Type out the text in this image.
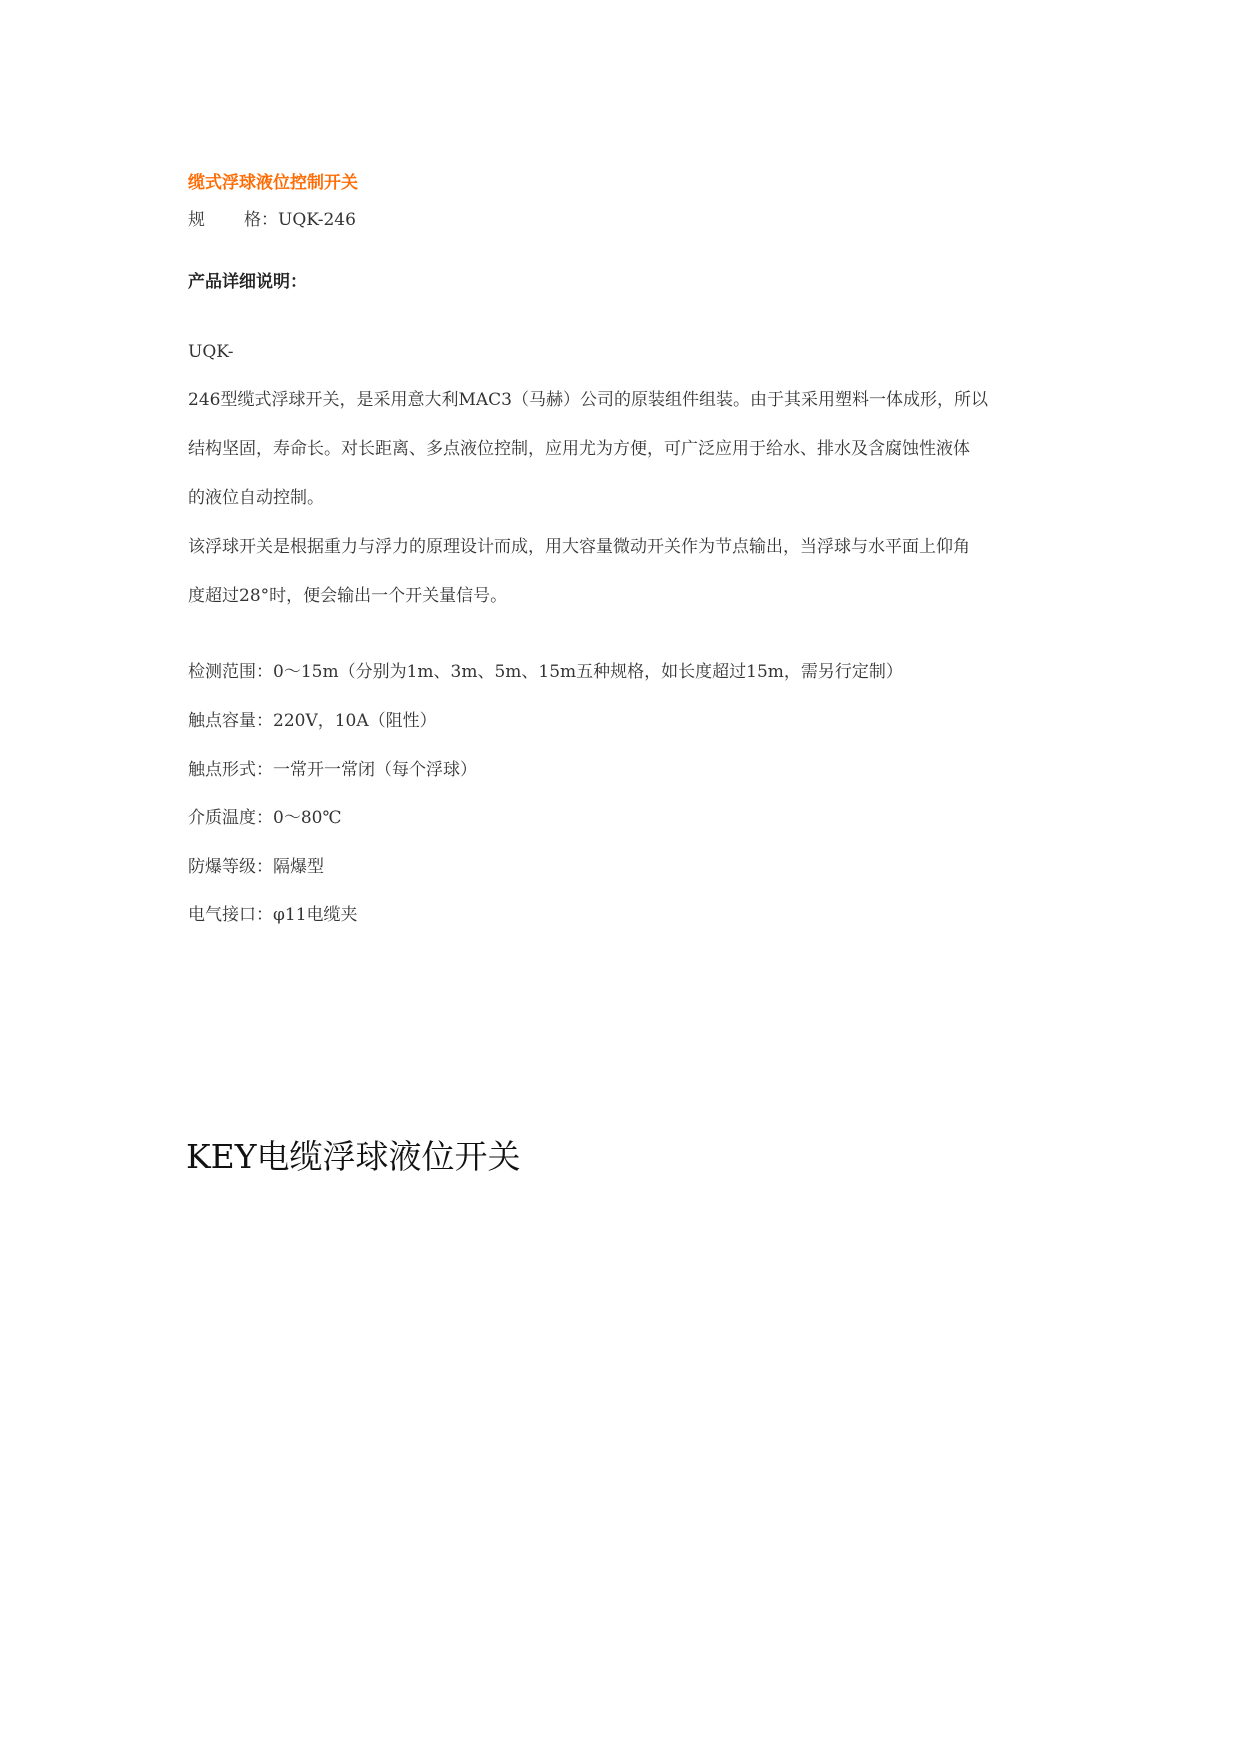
缆式浮球液位控制开关
规 格：UQK-246
产品详细说明：
UQK-
246型缆式浮球开关，是采用意大利MAC3（马赫）公司的原装组件组装。由于其采用塑料一体成形，所以
结构坚固，寿命长。对长距离、多点液位控制，应用尤为方便，可广泛应用于给水、排水及含腐蚀性液体
的液位自动控制。
该浮球开关是根据重力与浮力的原理设计而成，用大容量微动开关作为节点输出，当浮球与水平面上仰角
度超过28°时，便会输出一个开关量信号。
检测范围：0～15m（分别为1m、3m、5m、15m五种规格，如长度超过15m，需另行定制）
触点容量：220V，10A（阻性）
触点形式：一常开一常闭（每个浮球）
介质温度：0～80℃
防爆等级：隔爆型
电气接口：φ11电缆夹
KEY电缆浮球液位开关
